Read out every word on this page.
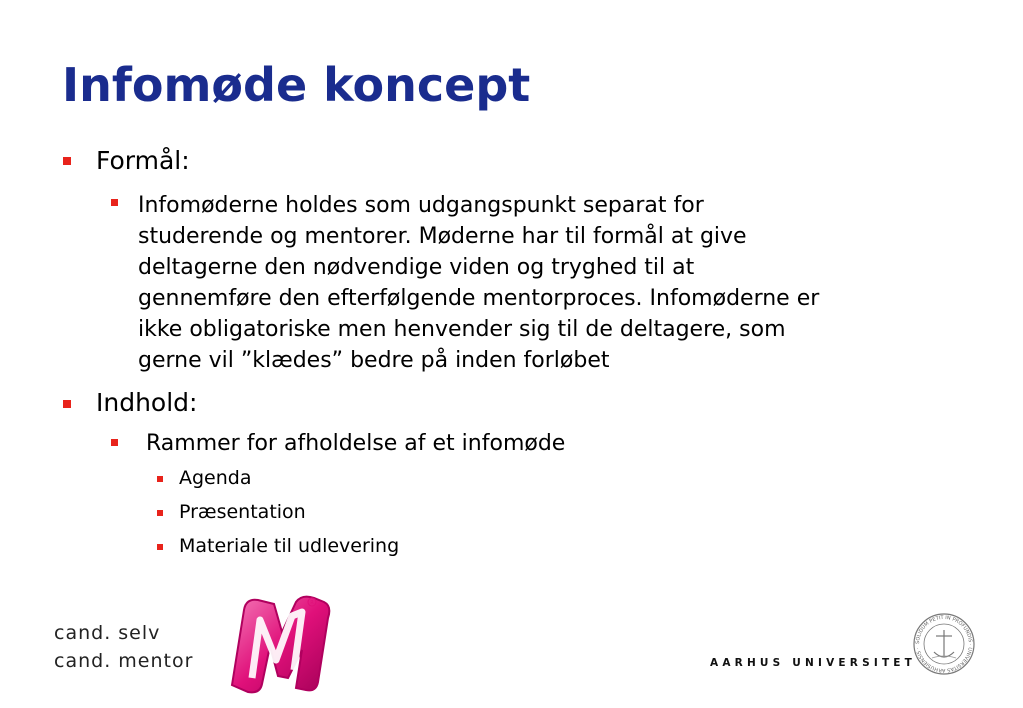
Infomøde koncept
Formål:
Infomøderne holdes som udgangspunkt separat for
studerende og mentorer. Møderne har til formål at give
deltagerne den nødvendige viden og tryghed til at
gennemføre den efterfølgende mentorproces. Infomøderne er
ikke obligatoriske men henvender sig til de deltagere, som
gerne vil ”klædes” bedre på inden forløbet
Indhold:
Rammer for afholdelse af et infomøde
Agenda
Præsentation
Materiale til udlevering
cand. selv
cand. mentor
R
AARHUS UNIVERSITET
SOLIDUM PETIT IN PROFUNDIS · UNIVERSITAS ARHUSIENSIS ·
